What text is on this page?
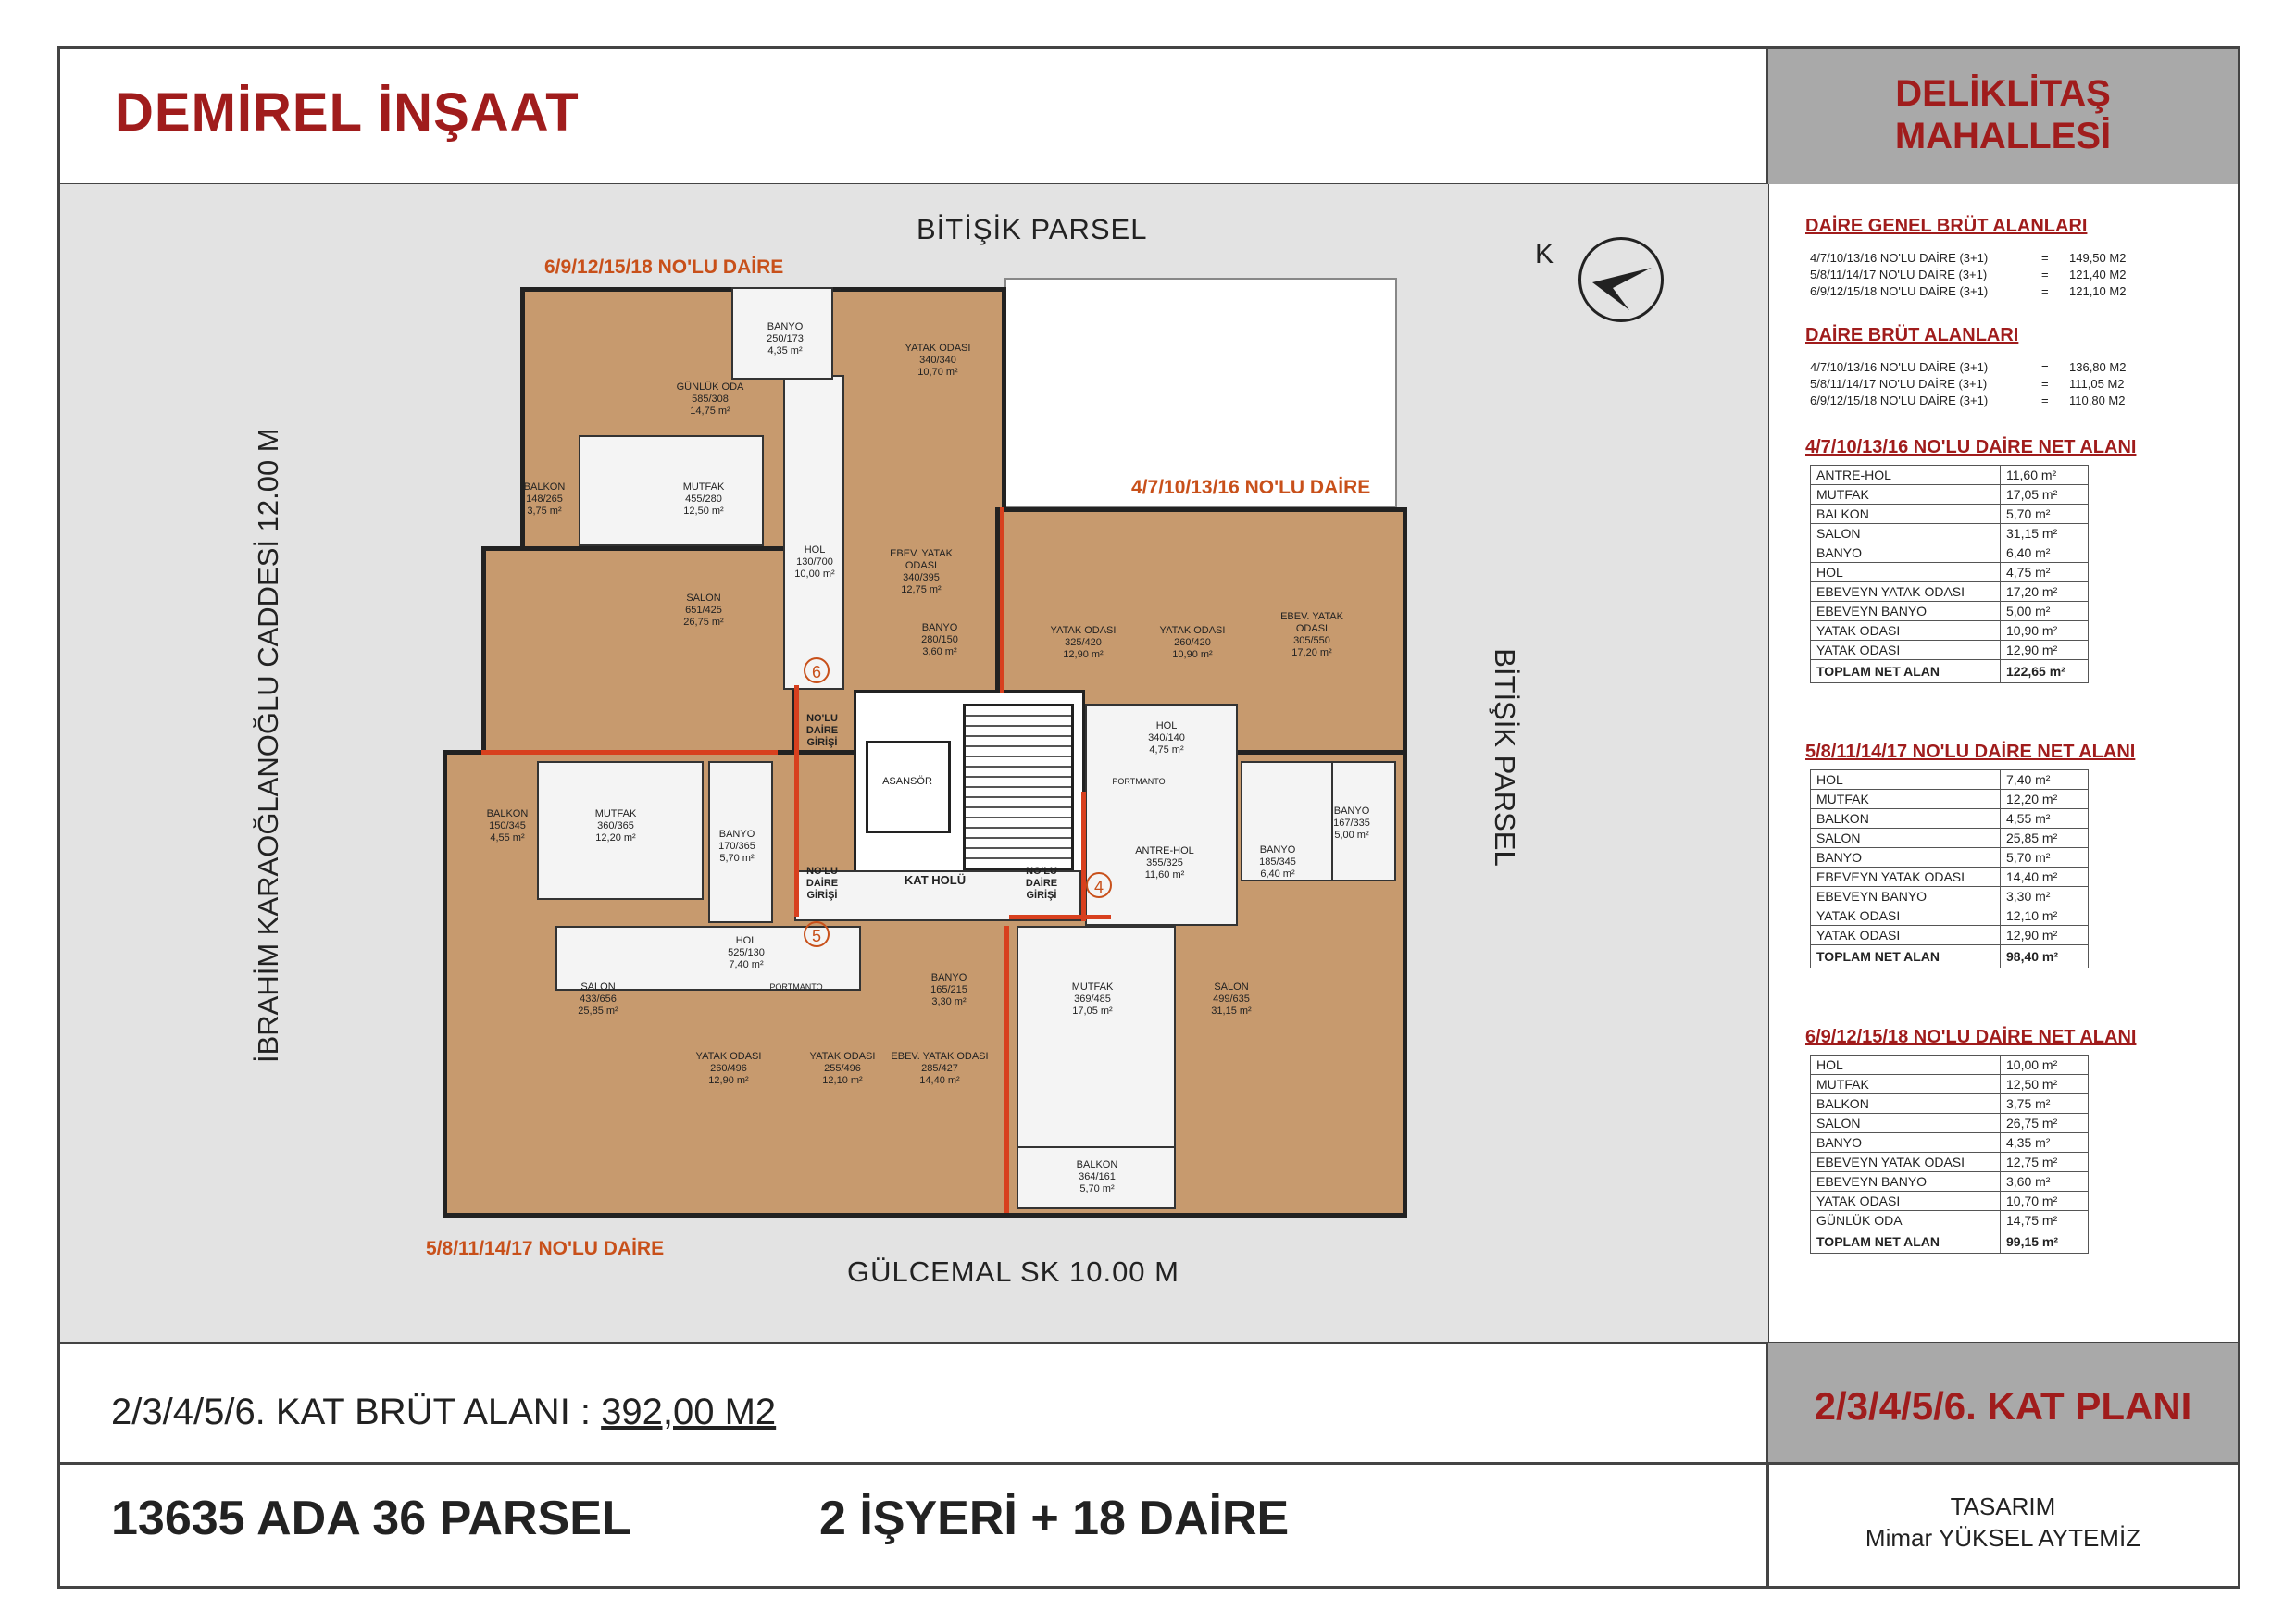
DEMİREL İNŞAAT	DELİKLİTAŞ
MAHALLESİ
BİTİŞİK PARSEL
GÜLCEMAL SK 10.00 M
İBRAHİM KARAOĞLANOĞLU CADDESİ 12.00 M	BİTİŞİK PARSEL
K
6/9/12/15/18 NO'LU DAİRE
4/7/10/13/16 NO'LU DAİRE
5/8/11/14/17 NO'LU DAİRE
BANYO
250/173
4,35 m²
GÜNLÜK ODA
585/308
14,75 m²
YATAK ODASI
340/340
10,70 m²
BALKON
148/265
3,75 m²
MUTFAK
455/280
12,50 m²
HOL
130/700
10,00 m²
EBEV. YATAK
ODASI
340/395
12,75 m²
BANYO
280/150
3,60 m²
SALON
651/425
26,75 m²
YATAK ODASI
325/420
12,90 m²
YATAK ODASI
260/420
10,90 m²
EBEV. YATAK
ODASI
305/550
17,20 m²
HOL
340/140
4,75 m²
BALKON
150/345
4,55 m²
MUTFAK
360/365
12,20 m²	BANYO
170/365
5,70 m²
ANTRE-HOL
355/325
11,60 m²
BANYO
185/345
6,40 m²
BANYO
167/335
5,00 m²
HOL
525/130
7,40 m²
SALON
433/656
25,85 m²
YATAK ODASI
260/496
12,90 m²
YATAK ODASI
255/496
12,10 m²
EBEV. YATAK ODASI
285/427
14,40 m²
BANYO
165/215
3,30 m²
MUTFAK
369/485
17,05 m²
SALON
499/635
31,15 m²
BALKON
364/161
5,70 m²
ASANSÖR
KAT HOLÜ
PORTMANTO
PORTMANTO
NO'LU
DAİRE
GİRİŞİ
NO'LU
DAİRE
GİRİŞİ
NO'LU
DAİRE
GİRİŞİ
6
5
4
DAİRE GENEL BRÜT ALANLARI
4/7/10/13/16 NO'LU DAİRE (3+1)	= 149,50 M2
5/8/11/14/17 NO'LU DAİRE (3+1)	= 121,40 M2
6/9/12/15/18 NO'LU DAİRE (3+1)	= 121,10 M2
DAİRE BRÜT ALANLARI
4/7/10/13/16 NO'LU DAİRE (3+1)	= 136,80 M2
5/8/11/14/17 NO'LU DAİRE (3+1)	= 111,05 M2
6/9/12/15/18 NO'LU DAİRE (3+1)	= 110,80 M2
4/7/10/13/16 NO'LU DAİRE NET ALANI
ANTRE-HOL	11,60 m²
MUTFAK	17,05 m²
BALKON	5,70 m²
SALON	31,15 m²
BANYO	6,40 m²
HOL	4,75 m²
EBEVEYN YATAK ODASI	17,20 m²
EBEVEYN BANYO	5,00 m²
YATAK ODASI	10,90 m²
YATAK ODASI	12,90 m²
TOPLAM NET ALAN	122,65 m²
5/8/11/14/17 NO'LU DAİRE NET ALANI
HOL	7,40 m²
MUTFAK	12,20 m²
BALKON	4,55 m²
SALON	25,85 m²
BANYO	5,70 m²
EBEVEYN YATAK ODASI	14,40 m²
EBEVEYN BANYO	3,30 m²
YATAK ODASI	12,10 m²
YATAK ODASI	12,90 m²
TOPLAM NET ALAN	98,40 m²
6/9/12/15/18 NO'LU DAİRE NET ALANI
HOL	10,00 m²
MUTFAK	12,50 m²
BALKON	3,75 m²
SALON	26,75 m²
BANYO	4,35 m²
EBEVEYN YATAK ODASI	12,75 m²
EBEVEYN BANYO	3,60 m²
YATAK ODASI	10,70 m²
GÜNLÜK ODA	14,75 m²
TOPLAM NET ALAN	99,15 m²
2/3/4/5/6. KAT BRÜT ALANI : 392,00 M2	2/3/4/5/6. KAT PLANI
13635 ADA 36 PARSEL	2 İŞYERİ + 18 DAİRE	TASARIM
Mimar YÜKSEL AYTEMİZ
